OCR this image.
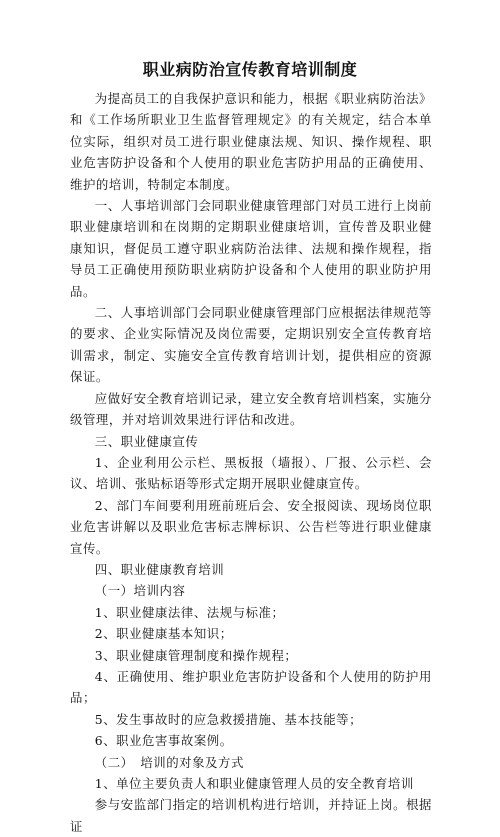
职业病防治宣传教育培训制度

为提高员工的自我保护意识和能力，根据《职业病防治法》和《工作场所职业卫生监督管理规定》的有关规定，结合本单位实际，组织对员工进行职业健康法规、知识、操作规程、职业危害防护设备和个人使用的职业危害防护用品的正确使用、维护的培训，特制定本制度。

一、人事培训部门会同职业健康管理部门对员工进行上岗前职业健康培训和在岗期的定期职业健康培训，宣传普及职业健康知识，督促员工遵守职业病防治法律、法规和操作规程，指导员工正确使用预防职业病防护设备和个人使用的职业防护用品。

二、人事培训部门会同职业健康管理部门应根据法律规范等的要求、企业实际情况及岗位需要，定期识别安全宣传教育培训需求，制定、实施安全宣传教育培训计划，提供相应的资源保证。

应做好安全教育培训记录，建立安全教育培训档案，实施分级管理，并对培训效果进行评估和改进。

三、职业健康宣传

1、企业利用公示栏、黑板报（墙报）、厂报、公示栏、会议、培训、张贴标语等形式定期开展职业健康宣传。

2、部门车间要利用班前班后会、安全报阅读、现场岗位职业危害讲解以及职业危害标志牌标识、公告栏等进行职业健康宣传。

四、职业健康教育培训

（一）培训内容

1、职业健康法律、法规与标准；

2、职业健康基本知识；

3、职业健康管理制度和操作规程；

4、正确使用、维护职业危害防护设备和个人使用的防护用品；

5、发生事故时的应急救援措施、基本技能等；

6、职业危害事故案例。

（二）　培训的对象及方式

1、单位主要负责人和职业健康管理人员的安全教育培训

参与安监部门指定的培训机构进行培训，并持证上岗。根据证
